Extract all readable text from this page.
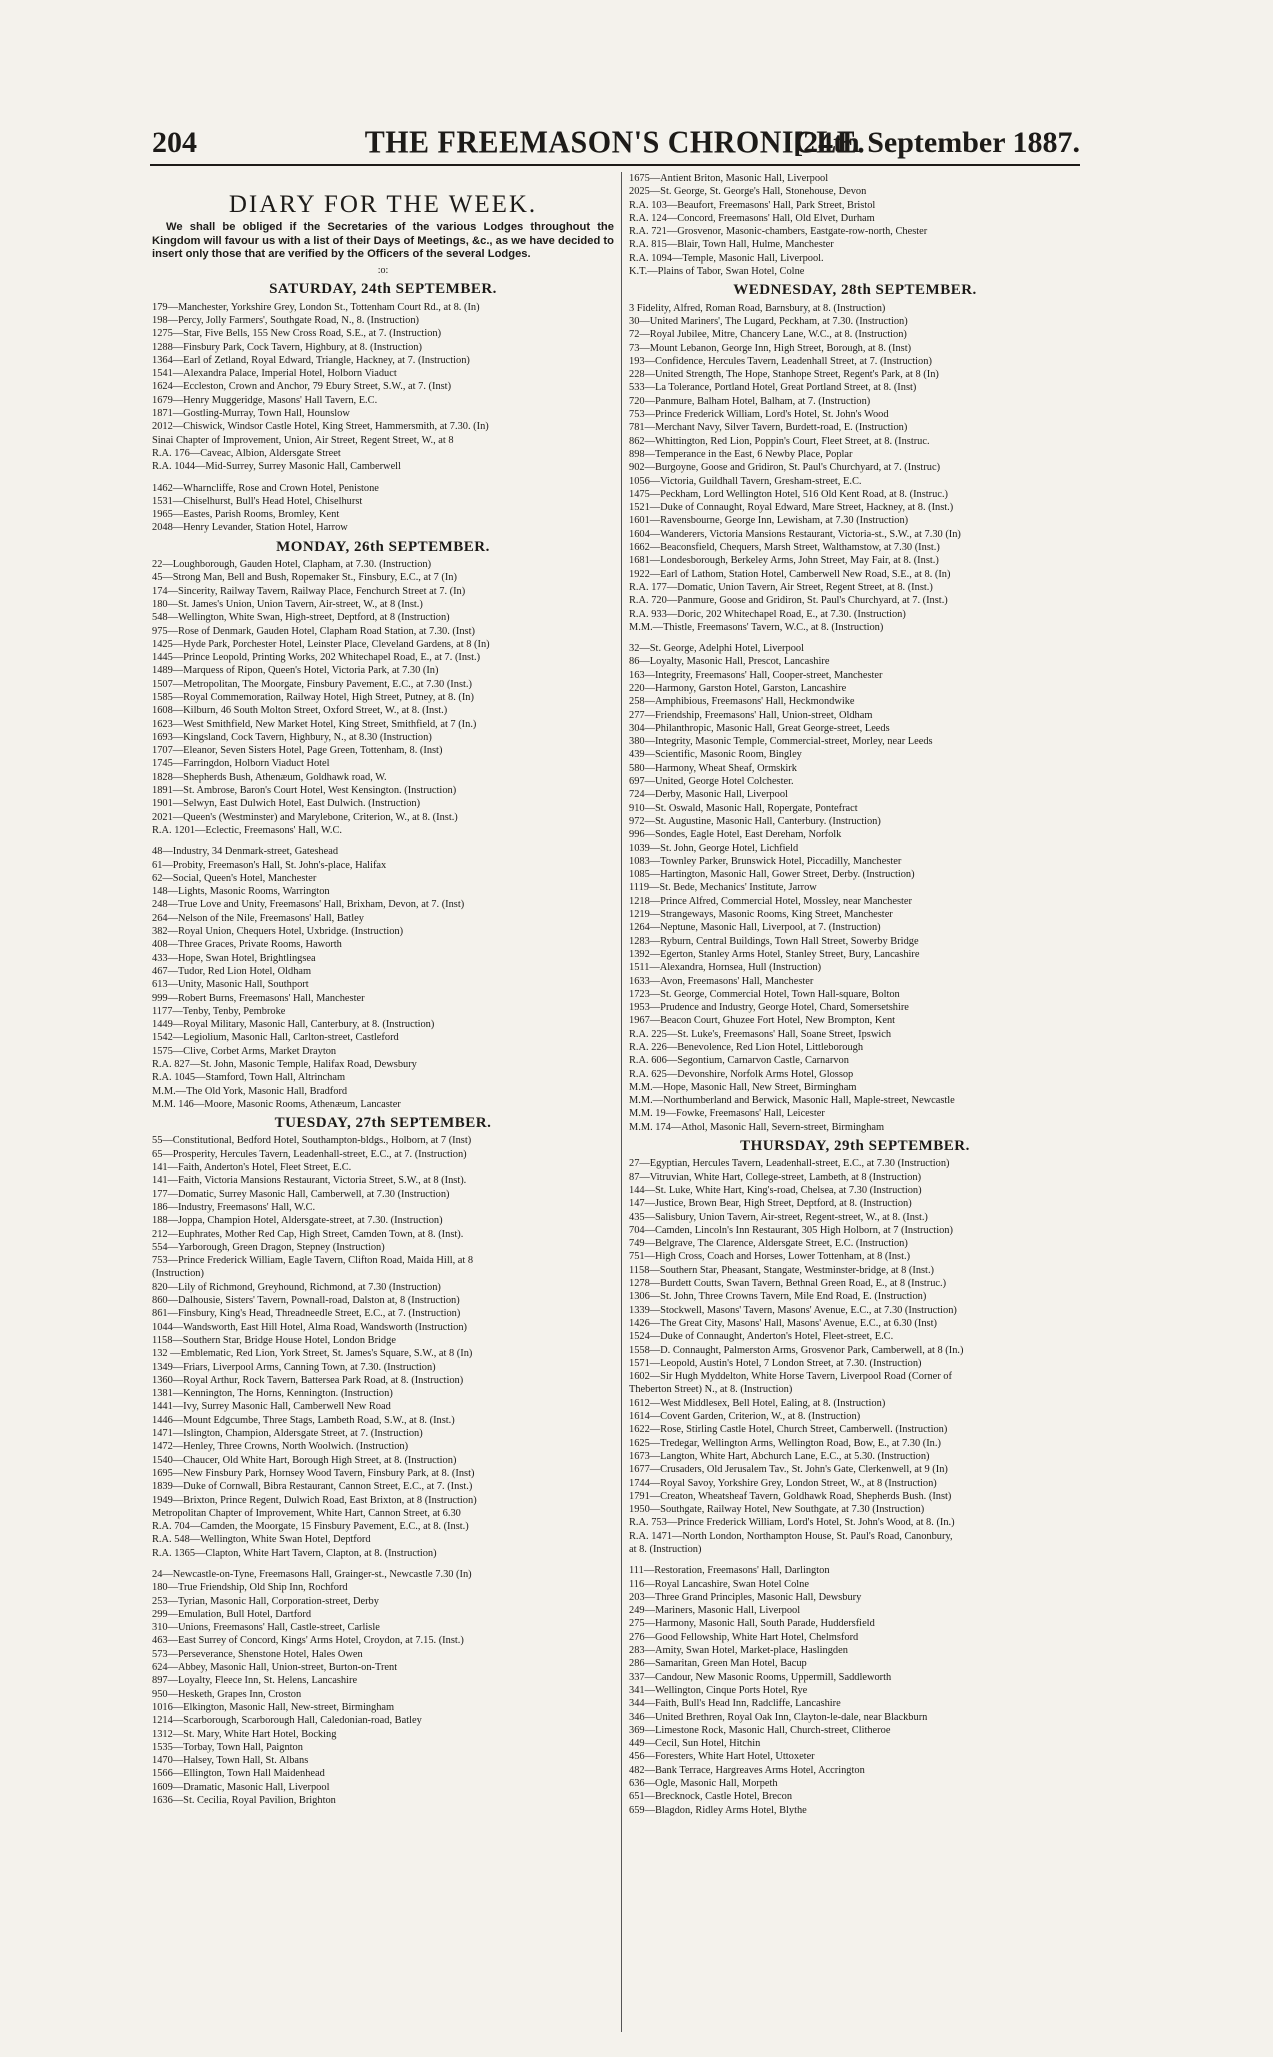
204	THE FREEMASON'S CHRONICLE.
[24th September 1887.
DIARY FOR THE WEEK.

We shall be obliged if the Secretaries of the various Lodges throughout the Kingdom will favour us with a list of their Days of Meetings, &c., as we have decided to insert only those that are verified by the Officers of the several Lodges.

:o:
SATURDAY, 24th SEPTEMBER.
179—Manchester, Yorkshire Grey, London St., Tottenham Court Rd., at 8. (In)
198—Percy, Jolly Farmers', Southgate Road, N., 8. (Instruction)
1275—Star, Five Bells, 155 New Cross Road, S.E., at 7. (Instruction)
1288—Finsbury Park, Cock Tavern, Highbury, at 8. (Instruction)
1364—Earl of Zetland, Royal Edward, Triangle, Hackney, at 7. (Instruction)
1541—Alexandra Palace, Imperial Hotel, Holborn Viaduct
1624—Eccleston, Crown and Anchor, 79 Ebury Street, S.W., at 7. (Inst)
1679—Henry Muggeridge, Masons' Hall Tavern, E.C.
1871—Gostling-Murray, Town Hall, Hounslow
2012—Chiswick, Windsor Castle Hotel, King Street, Hammersmith, at 7.30. (In)
Sinai Chapter of Improvement, Union, Air Street, Regent Street, W., at 8
R.A. 176—Caveac, Albion, Aldersgate Street
R.A. 1044—Mid-Surrey, Surrey Masonic Hall, Camberwell
1462—Wharncliffe, Rose and Crown Hotel, Penistone
1531—Chiselhurst, Bull's Head Hotel, Chiselhurst
1965—Eastes, Parish Rooms, Bromley, Kent
2048—Henry Levander, Station Hotel, Harrow
MONDAY, 26th SEPTEMBER.
22—Loughborough, Gauden Hotel, Clapham, at 7.30. (Instruction)
45—Strong Man, Bell and Bush, Ropemaker St., Finsbury, E.C., at 7 (In)
174—Sincerity, Railway Tavern, Railway Place, Fenchurch Street at 7. (In)
180—St. James's Union, Union Tavern, Air-street, W., at 8 (Inst.)
548—Wellington, White Swan, High-street, Deptford, at 8 (Instruction)
975—Rose of Denmark, Gauden Hotel, Clapham Road Station, at 7.30. (Inst)
1425—Hyde Park, Porchester Hotel, Leinster Place, Cleveland Gardens, at 8 (In)
1445—Prince Leopold, Printing Works, 202 Whitechapel Road, E., at 7. (Inst.)
1489—Marquess of Ripon, Queen's Hotel, Victoria Park, at 7.30 (In)
1507—Metropolitan, The Moorgate, Finsbury Pavement, E.C., at 7.30 (Inst.)
1585—Royal Commemoration, Railway Hotel, High Street, Putney, at 8. (In)
1608—Kilburn, 46 South Molton Street, Oxford Street, W., at 8. (Inst.)
1623—West Smithfield, New Market Hotel, King Street, Smithfield, at 7 (In.)
1693—Kingsland, Cock Tavern, Highbury, N., at 8.30 (Instruction)
1707—Eleanor, Seven Sisters Hotel, Page Green, Tottenham, 8. (Inst)
1745—Farringdon, Holborn Viaduct Hotel
1828—Shepherds Bush, Athenæum, Goldhawk road, W.
1891—St. Ambrose, Baron's Court Hotel, West Kensington. (Instruction)
1901—Selwyn, East Dulwich Hotel, East Dulwich. (Instruction)
2021—Queen's (Westminster) and Marylebone, Criterion, W., at 8. (Inst.)
R.A. 1201—Eclectic, Freemasons' Hall, W.C.
48—Industry, 34 Denmark-street, Gateshead
61—Probity, Freemason's Hall, St. John's-place, Halifax
62—Social, Queen's Hotel, Manchester
148—Lights, Masonic Rooms, Warrington
248—True Love and Unity, Freemasons' Hall, Brixham, Devon, at 7. (Inst)
264—Nelson of the Nile, Freemasons' Hall, Batley
382—Royal Union, Chequers Hotel, Uxbridge. (Instruction)
408—Three Graces, Private Rooms, Haworth
433—Hope, Swan Hotel, Brightlingsea
467—Tudor, Red Lion Hotel, Oldham
613—Unity, Masonic Hall, Southport
999—Robert Burns, Freemasons' Hall, Manchester
1177—Tenby, Tenby, Pembroke
1449—Royal Military, Masonic Hall, Canterbury, at 8. (Instruction)
1542—Legiolium, Masonic Hall, Carlton-street, Castleford
1575—Clive, Corbet Arms, Market Drayton
R.A. 827—St. John, Masonic Temple, Halifax Road, Dewsbury
R.A. 1045—Stamford, Town Hall, Altrincham
M.M.—The Old York, Masonic Hall, Bradford
M.M. 146—Moore, Masonic Rooms, Athenæum, Lancaster
TUESDAY, 27th SEPTEMBER.
55—Constitutional, Bedford Hotel, Southampton-bldgs., Holborn, at 7 (Inst)
65—Prosperity, Hercules Tavern, Leadenhall-street, E.C., at 7. (Instruction)
141—Faith, Anderton's Hotel, Fleet Street, E.C.
141—Faith, Victoria Mansions Restaurant, Victoria Street, S.W., at 8 (Inst).
177—Domatic, Surrey Masonic Hall, Camberwell, at 7.30 (Instruction)
186—Industry, Freemasons' Hall, W.C.
188—Joppa, Champion Hotel, Aldersgate-street, at 7.30. (Instruction)
212—Euphrates, Mother Red Cap, High Street, Camden Town, at 8. (Inst).
554—Yarborough, Green Dragon, Stepney (Instruction)
753—Prince Frederick William, Eagle Tavern, Clifton Road, Maida Hill, at 8
(Instruction)
820—Lily of Richmond, Greyhound, Richmond, at 7.30 (Instruction)
860—Dalhousie, Sisters' Tavern, Pownall-road, Dalston at, 8 (Instruction)
861—Finsbury, King's Head, Threadneedle Street, E.C., at 7. (Instruction)
1044—Wandsworth, East Hill Hotel, Alma Road, Wandsworth (Instruction)
1158—Southern Star, Bridge House Hotel, London Bridge
132 —Emblematic, Red Lion, York Street, St. James's Square, S.W., at 8 (In)
1349—Friars, Liverpool Arms, Canning Town, at 7.30. (Instruction)
1360—Royal Arthur, Rock Tavern, Battersea Park Road, at 8. (Instruction)
1381—Kennington, The Horns, Kennington. (Instruction)
1441—Ivy, Surrey Masonic Hall, Camberwell New Road
1446—Mount Edgcumbe, Three Stags, Lambeth Road, S.W., at 8. (Inst.)
1471—Islington, Champion, Aldersgate Street, at 7. (Instruction)
1472—Henley, Three Crowns, North Woolwich. (Instruction)
1540—Chaucer, Old White Hart, Borough High Street, at 8. (Instruction)
1695—New Finsbury Park, Hornsey Wood Tavern, Finsbury Park, at 8. (Inst)
1839—Duke of Cornwall, Bibra Restaurant, Cannon Street, E.C., at 7. (Inst.)
1949—Brixton, Prince Regent, Dulwich Road, East Brixton, at 8 (Instruction)
Metropolitan Chapter of Improvement, White Hart, Cannon Street, at 6.30
R.A. 704—Camden, the Moorgate, 15 Finsbury Pavement, E.C., at 8. (Inst.)
R.A. 548—Wellington, White Swan Hotel, Deptford
R.A. 1365—Clapton, White Hart Tavern, Clapton, at 8. (Instruction)
24—Newcastle-on-Tyne, Freemasons Hall, Grainger-st., Newcastle 7.30 (In)
180—True Friendship, Old Ship Inn, Rochford
253—Tyrian, Masonic Hall, Corporation-street, Derby
299—Emulation, Bull Hotel, Dartford
310—Unions, Freemasons' Hall, Castle-street, Carlisle
463—East Surrey of Concord, Kings' Arms Hotel, Croydon, at 7.15. (Inst.)
573—Perseverance, Shenstone Hotel, Hales Owen
624—Abbey, Masonic Hall, Union-street, Burton-on-Trent
897—Loyalty, Fleece Inn, St. Helens, Lancashire
950—Hesketh, Grapes Inn, Croston
1016—Elkington, Masonic Hall, New-street, Birmingham
1214—Scarborough, Scarborough Hall, Caledonian-road, Batley
1312—St. Mary, White Hart Hotel, Bocking
1535—Torbay, Town Hall, Paignton
1470—Halsey, Town Hall, St. Albans
1566—Ellington, Town Hall Maidenhead
1609—Dramatic, Masonic Hall, Liverpool
1636—St. Cecilia, Royal Pavilion, Brighton
1675—Antient Briton, Masonic Hall, Liverpool
2025—St. George, St. George's Hall, Stonehouse, Devon
R.A. 103—Beaufort, Freemasons' Hall, Park Street, Bristol
R.A. 124—Concord, Freemasons' Hall, Old Elvet, Durham
R.A. 721—Grosvenor, Masonic-chambers, Eastgate-row-north, Chester
R.A. 815—Blair, Town Hall, Hulme, Manchester
R.A. 1094—Temple, Masonic Hall, Liverpool.
K.T.—Plains of Tabor, Swan Hotel, Colne
WEDNESDAY, 28th SEPTEMBER.
3 Fidelity, Alfred, Roman Road, Barnsbury, at 8. (Instruction)
30—United Mariners', The Lugard, Peckham, at 7.30. (Instruction)
72—Royal Jubilee, Mitre, Chancery Lane, W.C., at 8. (Instruction)
73—Mount Lebanon, George Inn, High Street, Borough, at 8. (Inst)
193—Confidence, Hercules Tavern, Leadenhall Street, at 7. (Instruction)
228—United Strength, The Hope, Stanhope Street, Regent's Park, at 8 (In)
533—La Tolerance, Portland Hotel, Great Portland Street, at 8. (Inst)
720—Panmure, Balham Hotel, Balham, at 7. (Instruction)
753—Prince Frederick William, Lord's Hotel, St. John's Wood
781—Merchant Navy, Silver Tavern, Burdett-road, E. (Instruction)
862—Whittington, Red Lion, Poppin's Court, Fleet Street, at 8. (Instruc.
898—Temperance in the East, 6 Newby Place, Poplar
902—Burgoyne, Goose and Gridiron, St. Paul's Churchyard, at 7. (Instruc)
1056—Victoria, Guildhall Tavern, Gresham-street, E.C.
1475—Peckham, Lord Wellington Hotel, 516 Old Kent Road, at 8. (Instruc.)
1521—Duke of Connaught, Royal Edward, Mare Street, Hackney, at 8. (Inst.)
1601—Ravensbourne, George Inn, Lewisham, at 7.30 (Instruction)
1604—Wanderers, Victoria Mansions Restaurant, Victoria-st., S.W., at 7.30 (In)
1662—Beaconsfield, Chequers, Marsh Street, Walthamstow, at 7.30 (Inst.)
1681—Londesborough, Berkeley Arms, John Street, May Fair, at 8. (Inst.)
1922—Earl of Lathom, Station Hotel, Camberwell New Road, S.E., at 8. (In)
R.A. 177—Domatic, Union Tavern, Air Street, Regent Street, at 8. (Inst.)
R.A. 720—Panmure, Goose and Gridiron, St. Paul's Churchyard, at 7. (Inst.)
R.A. 933—Doric, 202 Whitechapel Road, E., at 7.30. (Instruction)
M.M.—Thistle, Freemasons' Tavern, W.C., at 8. (Instruction)
32—St. George, Adelphi Hotel, Liverpool
86—Loyalty, Masonic Hall, Prescot, Lancashire
163—Integrity, Freemasons' Hall, Cooper-street, Manchester
220—Harmony, Garston Hotel, Garston, Lancashire
258—Amphibious, Freemasons' Hall, Heckmondwike
277—Friendship, Freemasons' Hall, Union-street, Oldham
304—Philanthropic, Masonic Hall, Great George-street, Leeds
380—Integrity, Masonic Temple, Commercial-street, Morley, near Leeds
439—Scientific, Masonic Room, Bingley
580—Harmony, Wheat Sheaf, Ormskirk
697—United, George Hotel Colchester.
724—Derby, Masonic Hall, Liverpool
910—St. Oswald, Masonic Hall, Ropergate, Pontefract
972—St. Augustine, Masonic Hall, Canterbury. (Instruction)
996—Sondes, Eagle Hotel, East Dereham, Norfolk
1039—St. John, George Hotel, Lichfield
1083—Townley Parker, Brunswick Hotel, Piccadilly, Manchester
1085—Hartington, Masonic Hall, Gower Street, Derby. (Instruction)
1119—St. Bede, Mechanics' Institute, Jarrow
1218—Prince Alfred, Commercial Hotel, Mossley, near Manchester
1219—Strangeways, Masonic Rooms, King Street, Manchester
1264—Neptune, Masonic Hall, Liverpool, at 7. (Instruction)
1283—Ryburn, Central Buildings, Town Hall Street, Sowerby Bridge
1392—Egerton, Stanley Arms Hotel, Stanley Street, Bury, Lancashire
1511—Alexandra, Hornsea, Hull (Instruction)
1633—Avon, Freemasons' Hall, Manchester
1723—St. George, Commercial Hotel, Town Hall-square, Bolton
1953—Prudence and Industry, George Hotel, Chard, Somersetshire
1967—Beacon Court, Ghuzee Fort Hotel, New Brompton, Kent
R.A. 225—St. Luke's, Freemasons' Hall, Soane Street, Ipswich
R.A. 226—Benevolence, Red Lion Hotel, Littleborough
R.A. 606—Segontium, Carnarvon Castle, Carnarvon
R.A. 625—Devonshire, Norfolk Arms Hotel, Glossop
M.M.—Hope, Masonic Hall, New Street, Birmingham
M.M.—Northumberland and Berwick, Masonic Hall, Maple-street, Newcastle
M.M. 19—Fowke, Freemasons' Hall, Leicester
M.M. 174—Athol, Masonic Hall, Severn-street, Birmingham
THURSDAY, 29th SEPTEMBER.
27—Egyptian, Hercules Tavern, Leadenhall-street, E.C., at 7.30 (Instruction)
87—Vitruvian, White Hart, College-street, Lambeth, at 8 (Instruction)
144—St. Luke, White Hart, King's-road, Chelsea, at 7.30 (Instruction)
147—Justice, Brown Bear, High Street, Deptford, at 8. (Instruction)
435—Salisbury, Union Tavern, Air-street, Regent-street, W., at 8. (Inst.)
704—Camden, Lincoln's Inn Restaurant, 305 High Holborn, at 7 (Instruction)
749—Belgrave, The Clarence, Aldersgate Street, E.C. (Instruction)
751—High Cross, Coach and Horses, Lower Tottenham, at 8 (Inst.)
1158—Southern Star, Pheasant, Stangate, Westminster-bridge, at 8 (Inst.)
1278—Burdett Coutts, Swan Tavern, Bethnal Green Road, E., at 8 (Instruc.)
1306—St. John, Three Crowns Tavern, Mile End Road, E. (Instruction)
1339—Stockwell, Masons' Tavern, Masons' Avenue, E.C., at 7.30 (Instruction)
1426—The Great City, Masons' Hall, Masons' Avenue, E.C., at 6.30 (Inst)
1524—Duke of Connaught, Anderton's Hotel, Fleet-street, E.C.
1558—D. Connaught, Palmerston Arms, Grosvenor Park, Camberwell, at 8 (In.)
1571—Leopold, Austin's Hotel, 7 London Street, at 7.30. (Instruction)
1602—Sir Hugh Myddelton, White Horse Tavern, Liverpool Road (Corner of
Theberton Street) N., at 8. (Instruction)
1612—West Middlesex, Bell Hotel, Ealing, at 8. (Instruction)
1614—Covent Garden, Criterion, W., at 8. (Instruction)
1622—Rose, Stirling Castle Hotel, Church Street, Camberwell. (Instruction)
1625—Tredegar, Wellington Arms, Wellington Road, Bow, E., at 7.30 (In.)
1673—Langton, White Hart, Abchurch Lane, E.C., at 5.30. (Instruction)
1677—Crusaders, Old Jerusalem Tav., St. John's Gate, Clerkenwell, at 9 (In)
1744—Royal Savoy, Yorkshire Grey, London Street, W., at 8 (Instruction)
1791—Creaton, Wheatsheaf Tavern, Goldhawk Road, Shepherds Bush. (Inst)
1950—Southgate, Railway Hotel, New Southgate, at 7.30 (Instruction)
R.A. 753—Prince Frederick William, Lord's Hotel, St. John's Wood, at 8. (In.)
R.A. 1471—North London, Northampton House, St. Paul's Road, Canonbury,
at 8. (Instruction)
111—Restoration, Freemasons' Hall, Darlington
116—Royal Lancashire, Swan Hotel Colne
203—Three Grand Principles, Masonic Hall, Dewsbury
249—Mariners, Masonic Hall, Liverpool
275—Harmony, Masonic Hall, South Parade, Huddersfield
276—Good Fellowship, White Hart Hotel, Chelmsford
283—Amity, Swan Hotel, Market-place, Haslingden
286—Samaritan, Green Man Hotel, Bacup
337—Candour, New Masonic Rooms, Uppermill, Saddleworth
341—Wellington, Cinque Ports Hotel, Rye
344—Faith, Bull's Head Inn, Radcliffe, Lancashire
346—United Brethren, Royal Oak Inn, Clayton-le-dale, near Blackburn
369—Limestone Rock, Masonic Hall, Church-street, Clitheroe
449—Cecil, Sun Hotel, Hitchin
456—Foresters, White Hart Hotel, Uttoxeter
482—Bank Terrace, Hargreaves Arms Hotel, Accrington
636—Ogle, Masonic Hall, Morpeth
651—Brecknock, Castle Hotel, Brecon
659—Blagdon, Ridley Arms Hotel, Blythe
